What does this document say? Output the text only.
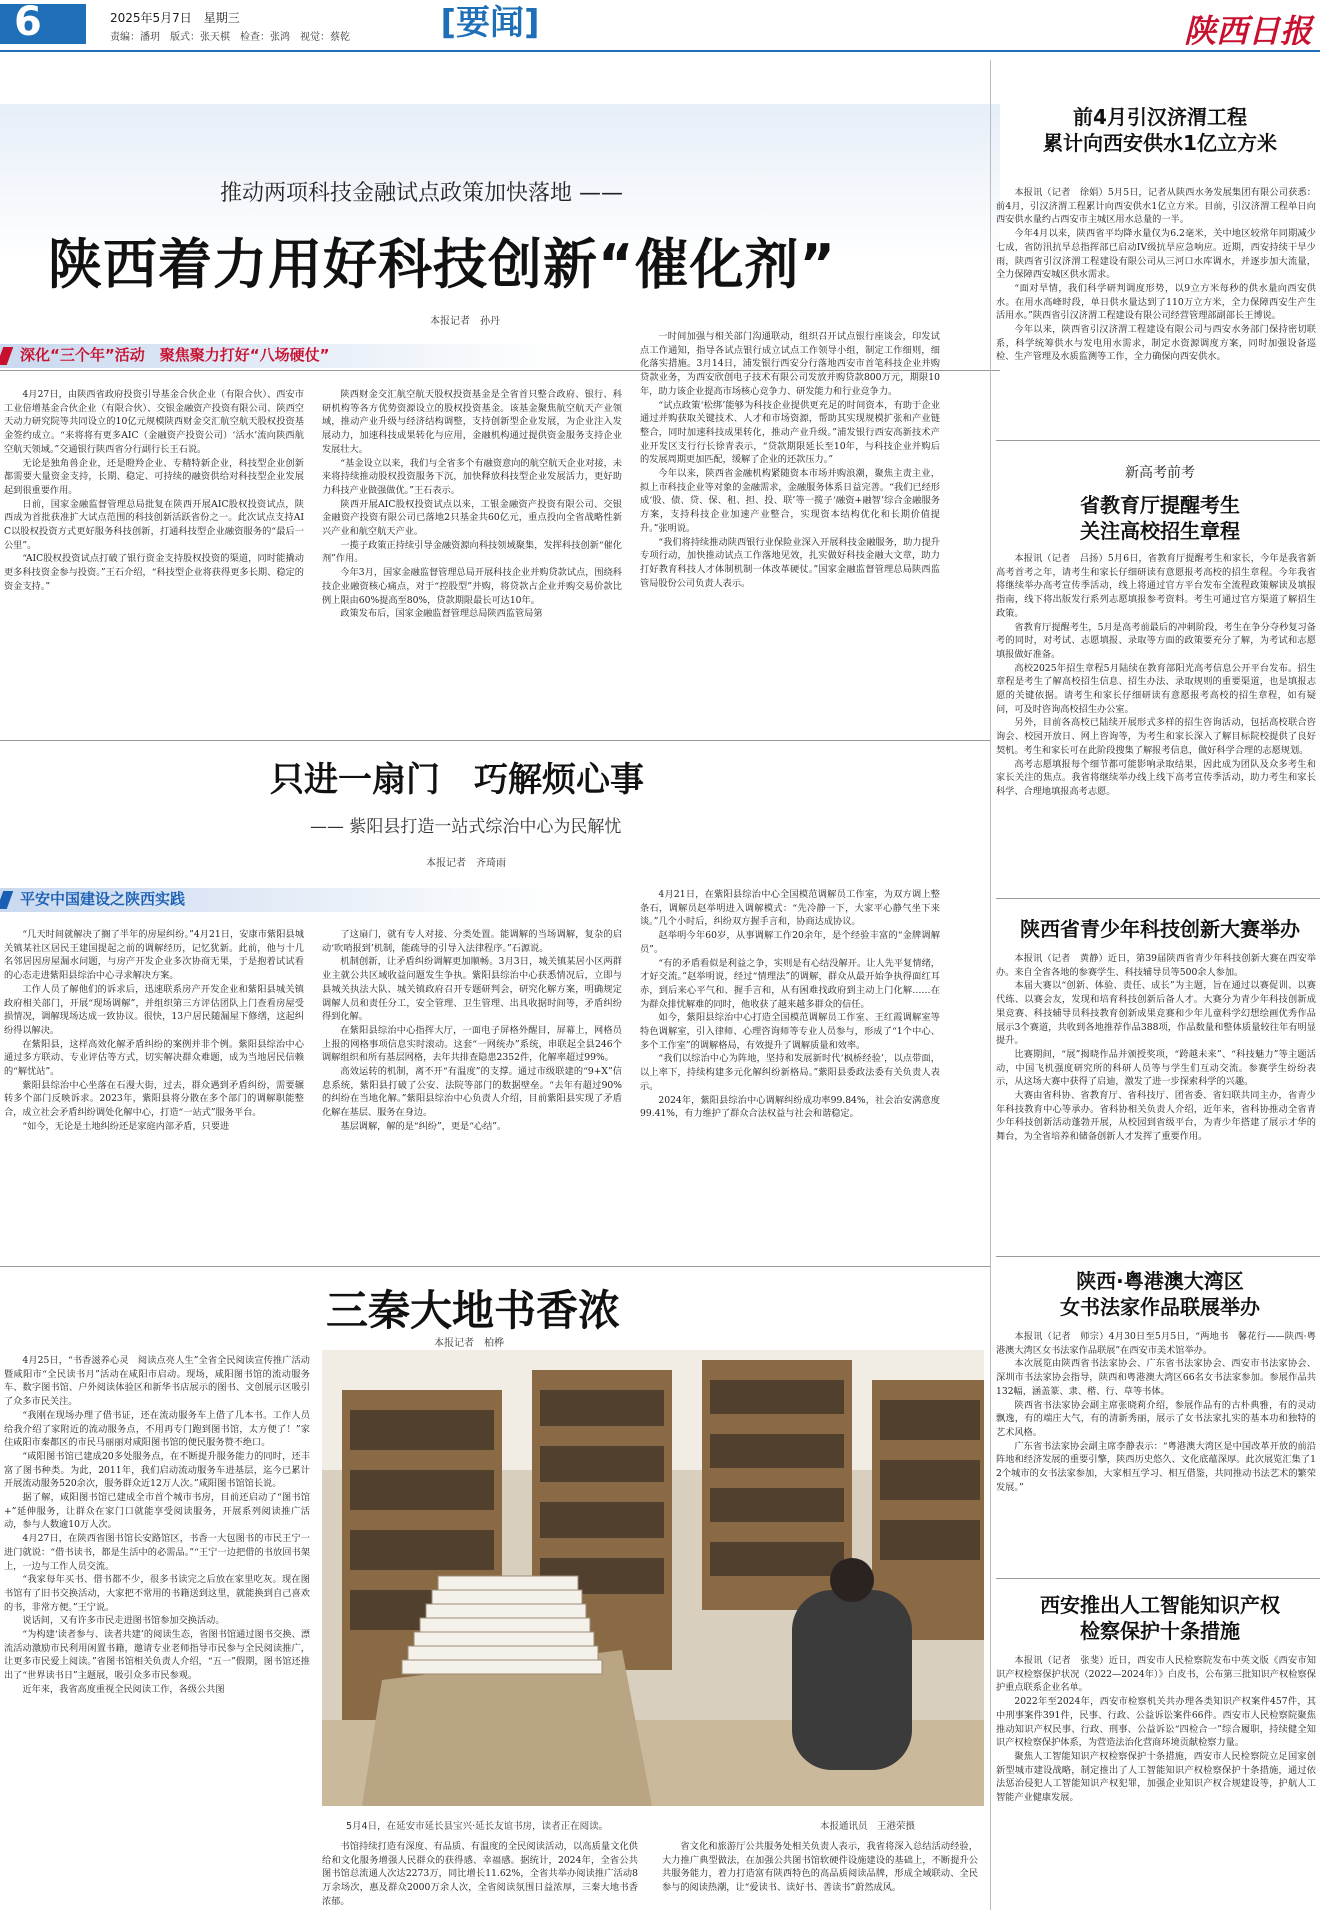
6	2025年5月7日　星期三
责编：潘玥　版式：张天棋　检查：张鸿　视觉：蔡乾	[要闻]	陕西日报
推动两项科技金融试点政策加快落地 ——
陕西着力用好科技创新“催化剂”
本报记者　孙丹
深化“三个年”活动　聚焦聚力打好“八场硬仗”

4月27日，由陕西省政府投资引导基金合伙企业（有限合伙）、西安市工业倍增基金合伙企业（有限合伙）、交银金融资产投资有限公司、陕西空天动力研究院等共同设立的10亿元规模陕西财金交汇航空航天股权投资基金签约成立。“来将将有更多AIC（金融资产投资公司）‘活水’流向陕西航空航天领域。”交通银行陕西省分行副行长王石说。

无论是独角兽企业，还是瞪羚企业、专精特新企业，科技型企业创新都需要大量资金支持，长期、稳定、可持续的融资供给对科技型企业发展起到很重要作用。

日前，国家金融监督管理总局批复在陕西开展AIC股权投资试点，陕西成为首批获准扩大试点范围的科技创新活跃省份之一。此次试点支持AIC以股权投资方式更好服务科技创新，打通科技型企业融资服务的“最后一公里”。

“AIC股权投资试点打破了银行资金支持股权投资的渠道，同时能撬动更多科技资金参与投资。”王石介绍，“科技型企业将获得更多长期、稳定的资金支持。”

陕西财金交汇航空航天股权投资基金是全省首只整合政府、银行、科研机构等各方优势资源设立的股权投资基金。该基金聚焦航空航天产业领域，推动产业升级与经济结构调整，支持创新型企业发展，为企业注入发展动力，加速科技成果转化与应用，金融机构通过提供资金服务支持企业发展壮大。

“基金设立以来，我们与全省多个有融资意向的航空航天企业对接，未来将持续推动股权投资服务下沉，加快释放科技型企业发展活力，更好助力科技产业做强做优。”王石表示。

陕西开展AIC股权投资试点以来，工银金融资产投资有限公司、交银金融资产投资有限公司已落地2只基金共60亿元，重点投向全省战略性新兴产业和航空航天产业。

一揽子政策正持续引导金融资源向科技领域聚集，发挥科技创新“催化剂”作用。

今年3月，国家金融监督管理总局开展科技企业并购贷款试点，围绕科技企业融资核心痛点，对于“控股型”并购，将贷款占企业并购交易价款比例上限由60%提高至80%，贷款期限最长可达10年。

政策发布后，国家金融监督管理总局陕西监管局第

一时间加强与相关部门沟通联动，组织召开试点银行座谈会，印发试点工作通知，指导各试点银行成立试点工作领导小组，制定工作细则，细化落实措施。3月14日，浦发银行西安分行落地西安市首笔科技企业并购贷款业务，为西安欣创电子技术有限公司发放并购贷款800万元，期限10年，助力该企业提高市场核心竞争力、研发能力和行业竞争力。

“试点政策‘松绑’能够为科技企业提供更充足的时间资本，有助于企业通过并购获取关键技术、人才和市场资源，帮助其实现规模扩张和产业链整合，同时加速科技成果转化，推动产业升级。”浦发银行西安高新技术产业开发区支行行长徐青表示，“贷款期限延长至10年，与科技企业并购后的发展周期更加匹配，缓解了企业的还款压力。”

今年以来，陕西省金融机构紧随资本市场并购浪潮，聚焦主责主业，拟上市科技企业等对象的金融需求，金融服务体系日益完善。“我们已经形成‘股、债、贷、保、租、担、投、联’等一揽子‘融资+融智’综合金融服务方案，支持科技企业加速产业整合，实现资本结构优化和长期价值提升。”张明说。

“我们将持续推动陕西银行业保险业深入开展科技金融服务，助力提升专项行动，加快推动试点工作落地见效，扎实做好科技金融大文章，助力打好教育科技人才体制机制一体改革硬仗。”国家金融监督管理总局陕西监管局股份公司负责人表示。

只进一扇门　巧解烦心事
—— 紫阳县打造一站式综治中心为民解忧
本报记者　齐琦雨
平安中国建设之陕西实践

“几天时间就解决了搁了半年的房屋纠纷。”4月21日，安康市紫阳县城关镇某社区居民王建国提起之前的调解经历，记忆犹新。此前，他与十几名邻居因房屋漏水问题，与房产开发企业多次协商无果，于是抱着试试看的心态走进紫阳县综治中心寻求解决方案。

工作人员了解他们的诉求后，迅速联系房产开发企业和紫阳县城关镇政府相关部门，开展“现场调解”，并组织第三方评估团队上门查看房屋受损情况，调解现场达成一致协议。很快，13户居民随漏屋下修缮，这起纠纷得以解决。

在紫阳县，这样高效化解矛盾纠纷的案例并非个例。紫阳县综治中心通过多方联动、专业评估等方式，切实解决群众难题，成为当地居民信赖的“解忧站”。

紫阳县综治中心坐落在石漫大街，过去，群众遇到矛盾纠纷，需要辗转多个部门反映诉求。2023年，紫阳县将分散在多个部门的调解职能整合，成立社会矛盾纠纷调处化解中心，打造“一站式”服务平台。

“如今，无论是土地纠纷还是家庭内部矛盾，只要进

了这扇门，就有专人对接、分类处置。能调解的当场调解，复杂的启动‘吹哨报到’机制，能疏导的引导入法律程序。”石源说。

机制创新，让矛盾纠纷调解更加顺畅。3月3日，城关镇某居小区两群业主就公共区域收益问题发生争执。紫阳县综治中心获悉情况后，立即与县城关执法大队、城关镇政府召开专题研判会，研究化解方案，明确规定调解人员和责任分工，安全管理、卫生管理、出具收据时间等，矛盾纠纷得到化解。

在紫阳县综治中心指挥大厅，一面电子屏格外醒目，屏幕上，网格员上报的网格事项信息实时滚动。这套“一网统办”系统，串联起全县246个调解组织和所有基层网格，去年共排查隐患2352件，化解率超过99%。

高效运转的机制，离不开“有温度”的支撑。通过市级联建的“9+X”信息系统，紫阳县打破了公安、法院等部门的数据壁垒。“去年有超过90%的纠纷在当地化解。”紫阳县综治中心负责人介绍，目前紫阳县实现了矛盾化解在基层、服务在身边。

基层调解，解的是“纠纷”，更是“心结”。

4月21日，在紫阳县综治中心全国模范调解员工作室，为双方调上整条石，调解员赵举明进入调解模式：“先冷静一下，大家平心静气坐下来谈。”几个小时后，纠纷双方握手言和，协商达成协议。

赵举明今年60岁，从事调解工作20余年，是个经验丰富的“金牌调解员”。

“有的矛盾看似是利益之争，实则是有心结没解开。让人先平复情绪，才好交流。”赵举明说，经过“情理法”的调解，群众从最开始争执得面红耳赤，到后来心平气和、握手言和，从有困难找政府到主动上门化解……在为群众排忧解难的同时，他收获了越来越多群众的信任。

如今，紫阳县综治中心打造全国模范调解员工作室、王红霞调解室等特色调解室，引入律师、心理咨询师等专业人员参与，形成了“1个中心、多个工作室”的调解格局，有效提升了调解质量和效率。

“我们以综治中心为阵地，坚持和发展新时代‘枫桥经验’，以点带面，以上率下，持续构建多元化解纠纷新格局。”紫阳县委政法委有关负责人表示。

2024年，紫阳县综治中心调解纠纷成功率99.84%，社会治安满意度99.41%，有力维护了群众合法权益与社会和谐稳定。

三秦大地书香浓
本报记者　柏桦

4月25日，“书香滋养心灵　阅读点亮人生”全省全民阅读宣传推广活动暨咸阳市“全民读书月”活动在咸阳市启动。现场，咸阳图书馆的流动服务车、数字图书馆、户外阅读体验区和新华书店展示的图书、文创展示区吸引了众多市民关注。

“我刚在现场办理了借书证，还在流动服务车上借了几本书。工作人员给我介绍了家附近的流动服务点，不用再专门跑到图书馆，太方便了！”家住咸阳市秦都区的市民马丽丽对咸阳图书馆的便民服务赞不绝口。

“咸阳图书馆已建成20多处服务点，在不断提升服务能力的同时，还丰富了图书种类。为此，2011年，我们启动流动服务车进基层，迄今已累计开展流动服务520余次，服务群众近12万人次。”咸阳图书馆馆长说。

据了解，咸阳图书馆已建成全市首个城市书房，目前还启动了“图书馆+”延伸服务，让群众在家门口就能享受阅读服务，开展系列阅读推广活动，参与人数逾10万人次。

4月27日，在陕西省图书馆长安路馆区，书香一大包图书的市民王宁一进门就说：“借书读书，都是生活中的必需品。”“王宁一边把借的书放回书架上，一边与工作人员交流。

“我家每年买书、借书都不少，很多书读完之后放在家里吃灰。现在图书馆有了旧书交换活动，大家把不常用的书籍送到这里，就能换到自己喜欢的书，非常方便。”王宁说。

说话间，又有许多市民走进图书馆参加交换活动。

“为构建‘读者参与、读者共建’的阅读生态，省图书馆通过图书交换、漂流活动激励市民利用闲置书籍，邀请专业老师指导市民参与全民阅读推广，让更多市民爱上阅读。”省图书馆相关负责人介绍，“五一”假期，图书馆还推出了“世界读书日”主题展，吸引众多市民参观。

近年来，我省高度重视全民阅读工作，各级公共图

5月4日，在延安市延长县宝兴·延长友谊书房，读者正在阅读。	本报通讯员　王港荣摄

书馆持续打造有深度、有品质、有温度的全民阅读活动，以高质量文化供给和文化服务增强人民群众的获得感、幸福感。据统计，2024年，全省公共图书馆总流通人次达2273万，同比增长11.62%，全省共举办阅读推广活动8万余场次，惠及群众2000万余人次，全省阅读氛围日益浓厚，三秦大地书香浓郁。

省文化和旅游厅公共服务处相关负责人表示，我省将深入总结活动经验，大力推广典型做法，在加强公共图书馆软硬件设施建设的基础上，不断提升公共服务能力，着力打造富有陕西特色的高品质阅读品牌，形成全域联动、全民参与的阅读热潮，让“爱读书、读好书、善读书”蔚然成风。

前4月引汉济渭工程
累计向西安供水1亿立方米

本报讯（记者　徐娟）5月5日，记者从陕西水务发展集团有限公司获悉：前4月，引汉济渭工程累计向西安供水1亿立方米。目前，引汉济渭工程单日向西安供水量约占西安市主城区用水总量的一半。

今年4月以来，陕西省平均降水量仅为6.2毫米，关中地区较常年同期减少七成，省防汛抗旱总指挥部已启动IV级抗旱应急响应。近期，西安持续干旱少雨，陕西省引汉济渭工程建设有限公司从三河口水库调水，并逐步加大流量，全力保障西安城区供水需求。

“面对旱情，我们科学研判调度形势，以9立方米每秒的供水量向西安供水。在用水高峰时段，单日供水量达到了110万立方米，全力保障西安生产生活用水。”陕西省引汉济渭工程建设有限公司经营管理部副部长王博说。

今年以来，陕西省引汉济渭工程建设有限公司与西安水务部门保持密切联系，科学统筹供水与发电用水需求，制定水资源调度方案，同时加强设备巡检、生产管理及水质监测等工作，全力确保向西安供水。

新高考前考
省教育厅提醒考生
关注高校招生章程

本报讯（记者　吕扬）5月6日，省教育厅提醒考生和家长，今年是我省新高考首考之年，请考生和家长仔细研读有意愿报考高校的招生章程。今年我省将继续举办高考宣传季活动，线上将通过官方平台发布全流程政策解读及填报指南，线下将出版发行系列志愿填报参考资料。考生可通过官方渠道了解招生政策。

省教育厅提醒考生，5月是高考前最后的冲刺阶段，考生在争分夺秒复习备考的同时，对考试、志愿填报、录取等方面的政策要充分了解，为考试和志愿填报做好准备。

高校2025年招生章程5月陆续在教育部阳光高考信息公开平台发布。招生章程是考生了解高校招生信息、招生办法、录取规则的重要渠道，也是填报志愿的关键依据。请考生和家长仔细研读有意愿报考高校的招生章程，如有疑问，可及时咨询高校招生办公室。

另外，目前各高校已陆续开展形式多样的招生咨询活动，包括高校联合咨询会、校园开放日、网上咨询等，为考生和家长深入了解目标院校提供了良好契机。考生和家长可在此阶段搜集了解报考信息，做好科学合理的志愿规划。

高考志愿填报每个细节都可能影响录取结果，因此成为团队及众多考生和家长关注的焦点。我省将继续举办线上线下高考宣传季活动，助力考生和家长科学、合理地填报高考志愿。

陕西省青少年科技创新大赛举办

本报讯（记者　黄静）近日，第39届陕西省青少年科技创新大赛在西安举办。来自全省各地的参赛学生、科技辅导员等500余人参加。

本届大赛以“创新、体验、责任、成长”为主题，旨在通过以赛促训、以赛代练、以赛会友，发现和培育科技创新后备人才。大赛分为青少年科技创新成果竞赛、科技辅导员科技教育创新成果竞赛和少年儿童科学幻想绘画优秀作品展示3个赛道，共收到各地推荐作品388项，作品数量和整体质量较往年有明显提升。

比赛期间，“展”揭晓作品并颁授奖项，“跨越未来”、“科技魅力”等主题活动，中国飞机强度研究所的科研人员等与学生们互动交流。参赛学生纷纷表示，从这场大赛中获得了启迪，激发了进一步探索科学的兴趣。

大赛由省科协、省教育厅、省科技厅、团省委、省妇联共同主办，省青少年科技教育中心等承办。省科协相关负责人介绍，近年来，省科协推动全省青少年科技创新活动蓬勃开展，从校园到省级平台，为青少年搭建了展示才华的舞台，为全省培养和储备创新人才发挥了重要作用。

陕西·粤港澳大湾区
女书法家作品联展举办

本报讯（记者　师宗）4月30日至5月5日，“两地书　馨花行——陕西·粤港澳大湾区女书法家作品联展”在西安市美术馆举办。

本次展览由陕西省书法家协会、广东省书法家协会、西安市书法家协会、深圳市书法家协会指导，陕西和粤港澳大湾区66名女书法家参加。参展作品共132幅，涵盖篆、隶、楷、行、草等书体。

陕西省书法家协会副主席张晓莉介绍，参展作品有的古朴典雅，有的灵动飘逸，有的端庄大气，有的清新秀丽，展示了女书法家扎实的基本功和独特的艺术风格。

广东省书法家协会副主席李静表示：“粤港澳大湾区是中国改革开放的前沿阵地和经济发展的重要引擎，陕西历史悠久、文化底蕴深厚。此次展览汇集了12个城市的女书法家参加，大家相互学习、相互借鉴，共同推动书法艺术的繁荣发展。”

西安推出人工智能知识产权
检察保护十条措施

本报讯（记者　张斐）近日，西安市人民检察院发布中英文版《西安市知识产权检察保护状况（2022—2024年）》白皮书，公布第三批知识产权检察保护重点联系企业名单。

2022年至2024年，西安市检察机关共办理各类知识产权案件457件，其中刑事案件391件，民事、行政、公益诉讼案件66件。西安市人民检察院聚焦推动知识产权民事、行政、刑事、公益诉讼“四检合一”综合履职，持续健全知识产权检察保护体系，为营造法治化营商环境贡献检察力量。

聚焦人工智能知识产权检察保护十条措施，西安市人民检察院立足国家创新型城市建设战略，制定推出了人工智能知识产权检察保护十条措施，通过依法惩治侵犯人工智能知识产权犯罪，加强企业知识产权合规建设等，护航人工智能产业健康发展。
